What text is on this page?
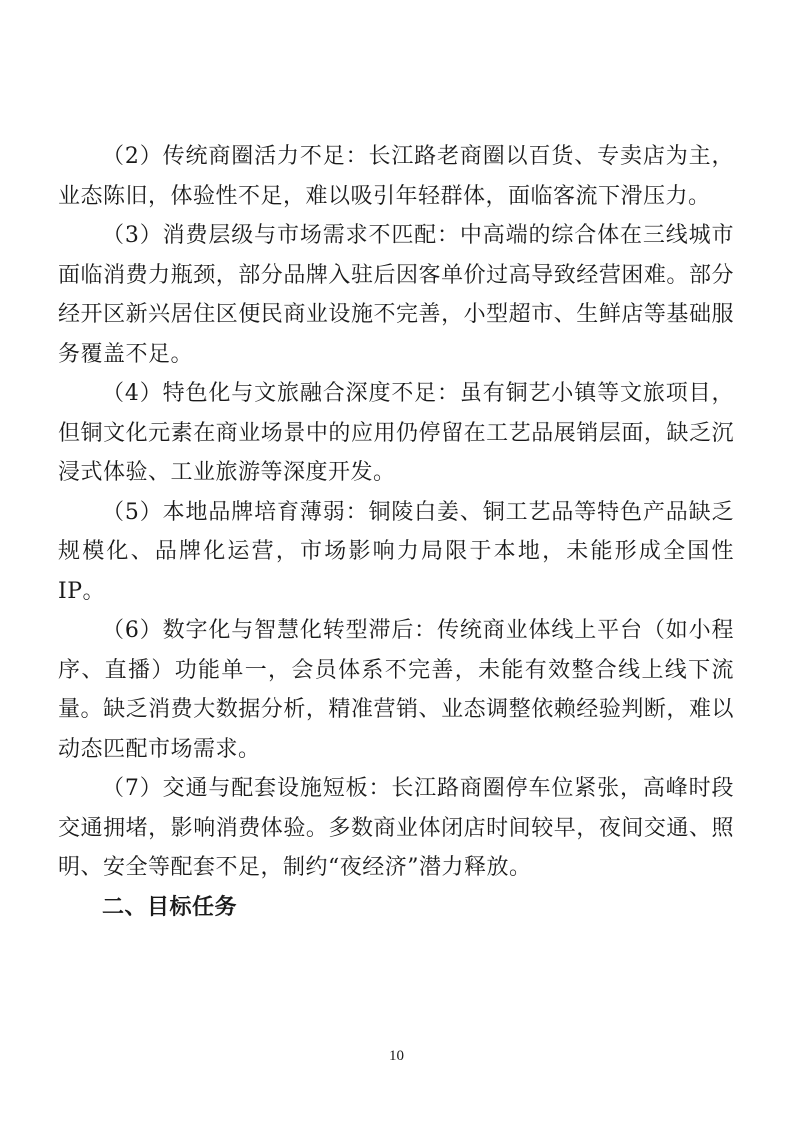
（2）传统商圈活力不足：长江路老商圈以百货、专卖店为主，业态陈旧，体验性不足，难以吸引年轻群体，面临客流下滑压力。

（3）消费层级与市场需求不匹配：中高端的综合体在三线城市面临消费力瓶颈，部分品牌入驻后因客单价过高导致经营困难。部分经开区新兴居住区便民商业设施不完善，小型超市、生鲜店等基础服务覆盖不足。

（4）特色化与文旅融合深度不足：虽有铜艺小镇等文旅项目，但铜文化元素在商业场景中的应用仍停留在工艺品展销层面，缺乏沉浸式体验、工业旅游等深度开发。

（5）本地品牌培育薄弱：铜陵白姜、铜工艺品等特色产品缺乏规模化、品牌化运营，市场影响力局限于本地，未能形成全国性IP。

（6）数字化与智慧化转型滞后：传统商业体线上平台（如小程序、直播）功能单一，会员体系不完善，未能有效整合线上线下流量。缺乏消费大数据分析，精准营销、业态调整依赖经验判断，难以动态匹配市场需求。

（7）交通与配套设施短板：长江路商圈停车位紧张，高峰时段交通拥堵，影响消费体验。多数商业体闭店时间较早，夜间交通、照明、安全等配套不足，制约“夜经济”潜力释放。

二、目标任务

10
